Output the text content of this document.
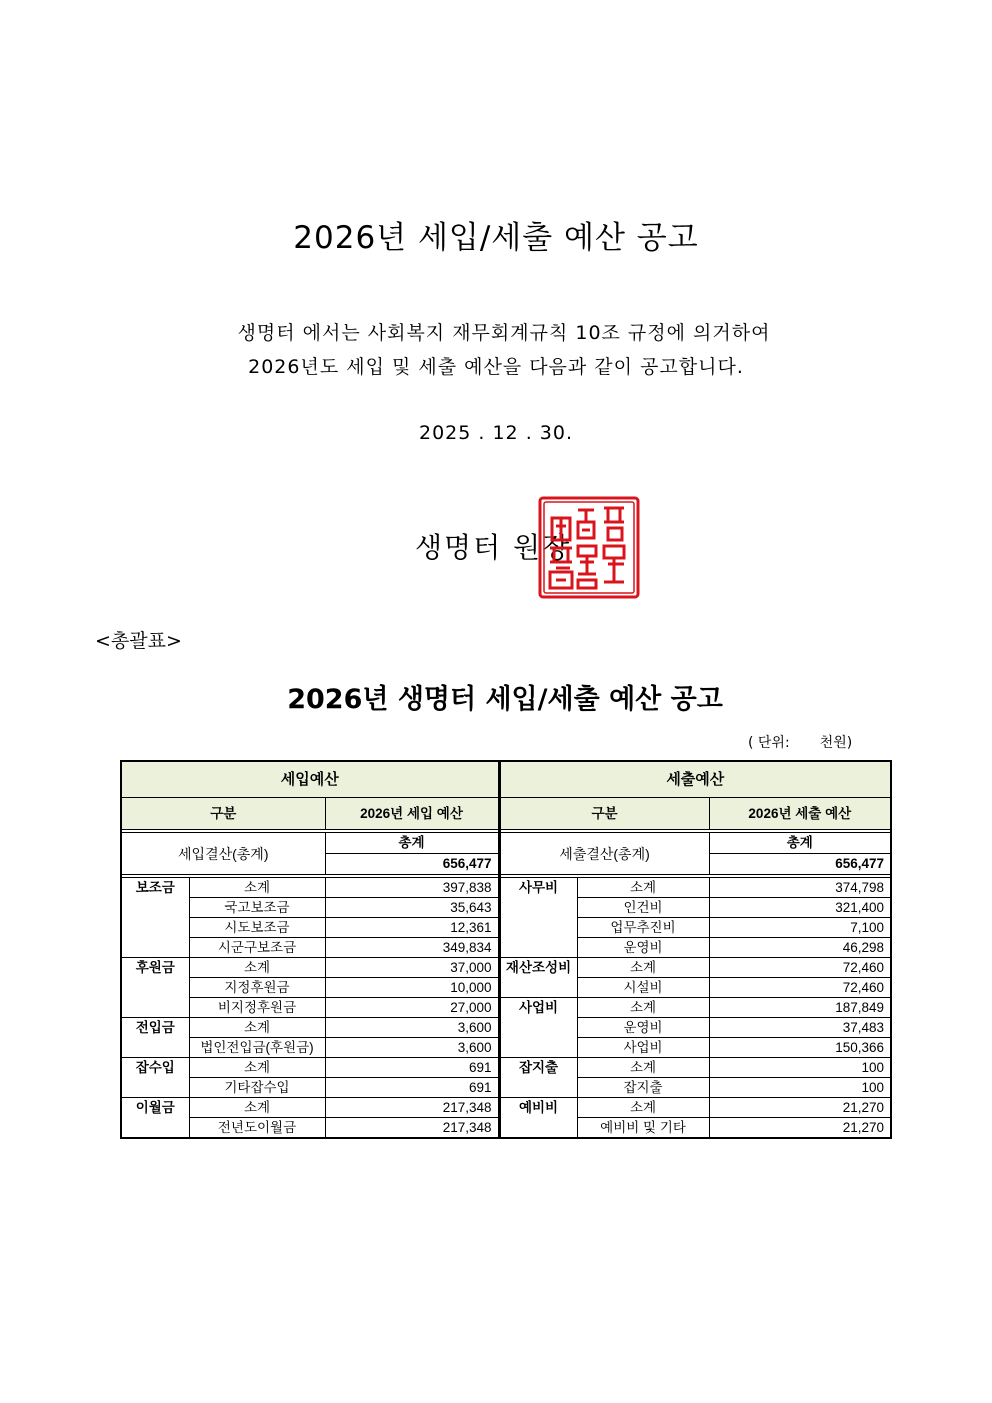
2026년 세입/세출 예산 공고
생명터 에서는 사회복지 재무회계규칙 10조 규정에 의거하여
2026년도 세입 및 세출 예산을 다음과 같이 공고합니다.
2025 . 12 . 30.
생명터 원장
<총괄표>
2026년 생명터 세입/세출 예산 공고
( 단위: 천원)
세입예산			세출예산		
구분		2026년 세입 예산	구분		2026년 세출 예산

세입결산(총계)		총계	세출결산(총계)		총계
		656,477			656,477

보조금	소계	397,838	사무비	소계	374,798
	국고보조금	35,643		인건비	321,400
	시도보조금	12,361		업무추진비	7,100
	시군구보조금	349,834		운영비	46,298
후원금	소계	37,000	재산조성비	소계	72,460
	지정후원금	10,000		시설비	72,460
	비지정후원금	27,000	사업비	소계	187,849
전입금	소계	3,600		운영비	37,483
	법인전입금(후원금)	3,600		사업비	150,366
잡수입	소계	691	잡지출	소계	100
	기타잡수입	691		잡지출	100
이월금	소계	217,348	예비비	소계	21,270
	전년도이월금	217,348		예비비 및 기타	21,270
